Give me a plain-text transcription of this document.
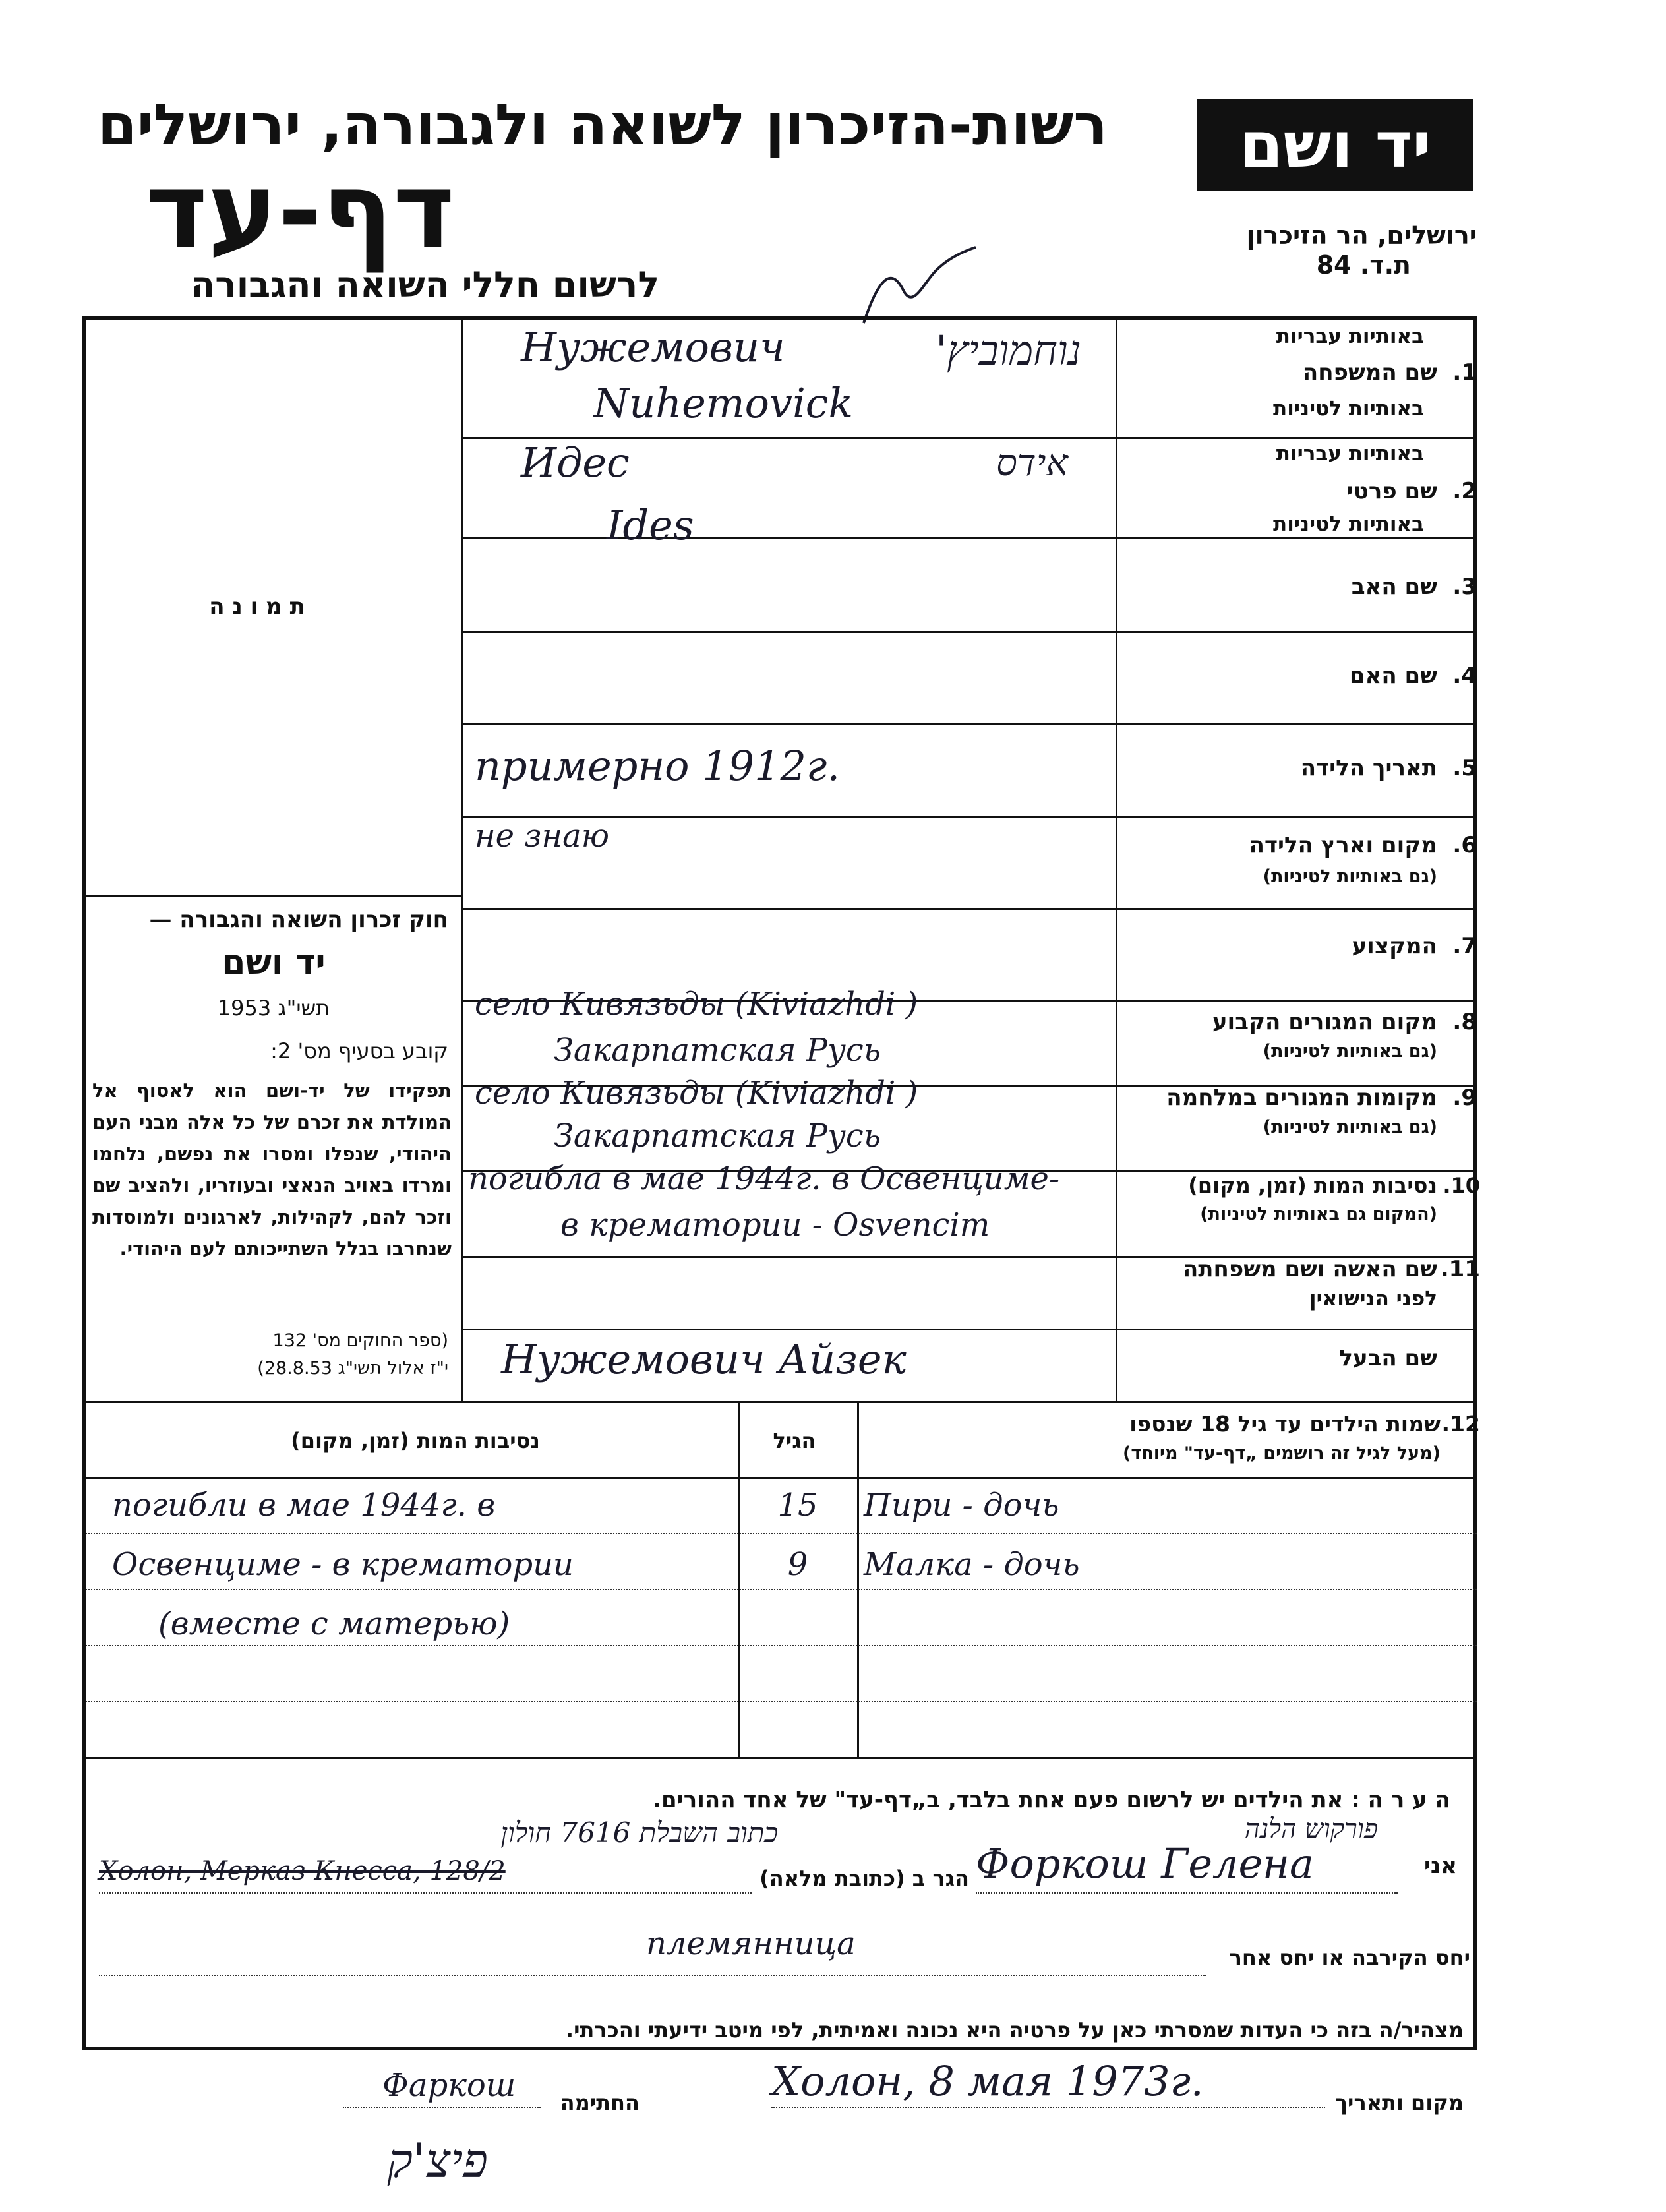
יד ושם
רשות-הזיכרון לשואה ולגבורה, ירושלים
דף-עד
לרשום חללי השואה והגבורה
ירושלים, הר הזיכרון
ת.ד. 84
ת מ ו נ ה
חוק זכרון השואה והגבורה —
יד ושם
תשי"ג 1953
קובע בסעיף מס' 2:
תפקידו של יד-ושם הוא לאסוף אל המולדת את זכרם של כל אלה מבני העם היהודי, שנפלו ומסרו את נפשם, נלחמו ומרדו באויב הנאצי ובעוזריו, ולהציב שם וזכר להם, לקהילות, לארגונים ולמוסדות שנחרבו בגלל השתייכותם לעם היהודי.
(ספר החוקים מס' 132
י"ז אלול תשי"ג 28.8.53)
באותיות עבריות
שם המשפחה 1.
באותיות לטיניות
באותיות עבריות
שם פרטי 2.
באותיות לטיניות
שם האב 3.
שם האם 4.
תאריך הלידה 5.
מקום וארץ הלידה 6.
(גם באותיות לטיניות)
המקצוע 7.
מקום המגורים הקבוע 8.
(גם באותיות לטיניות)
מקומות המגורים במלחמה 9.
(גם באותיות לטיניות)
נסיבות המות (זמן, מקום) 10.
(המקום גם באותיות לטיניות)
שם האשה ושם משפחתה 11.
לפני הנישואין
שם הבעל
Нужемович	נוחמוביץ'
Nuhemovick
Идес	אידס
Ides
примерно 1912г.
не знаю
село Кивязьды (Kiviazhdi )
Закарпатская Русь
село Кивязьды (Kiviazhdi )
Закарпатская Русь
погибла в мае 1944г. в Освенциме-
в крематории - Osvencim
Нужемович Айзек
שמות הילדים עד גיל 18 שנספו 12.
(מעל לגיל זה רושמים „דף-עד" מיוחד)
הגיל
נסיבות המות (זמן, מקום)
Пири - дочь
15
погибли в мае 1944г. в
Малка - дочь
9
Освенциме - в крематории
(вместе с матерью)
ה ע ר ה : את הילדים יש לרשום פעם אחת בלבד, ב„דף-עד" של אחד ההורים.
אני
פורקוש הלנה
Форкош Гелена
הגר ב (כתובת מלאה)
כתוב השבלת 7616 חולון
Холон, Мерказ Кнесса, 128/2
יחס הקירבה או יחס אחר
племянница
מצהיר/ה בזה כי העדות שמסרתי כאן על פרטיה היא נכונה ואמיתית, לפי מיטב ידיעתי והכרתי.
מקום ותאריך
Холон, 8 мая 1973г.
החתימה
Фаркош
פיצ'ק
